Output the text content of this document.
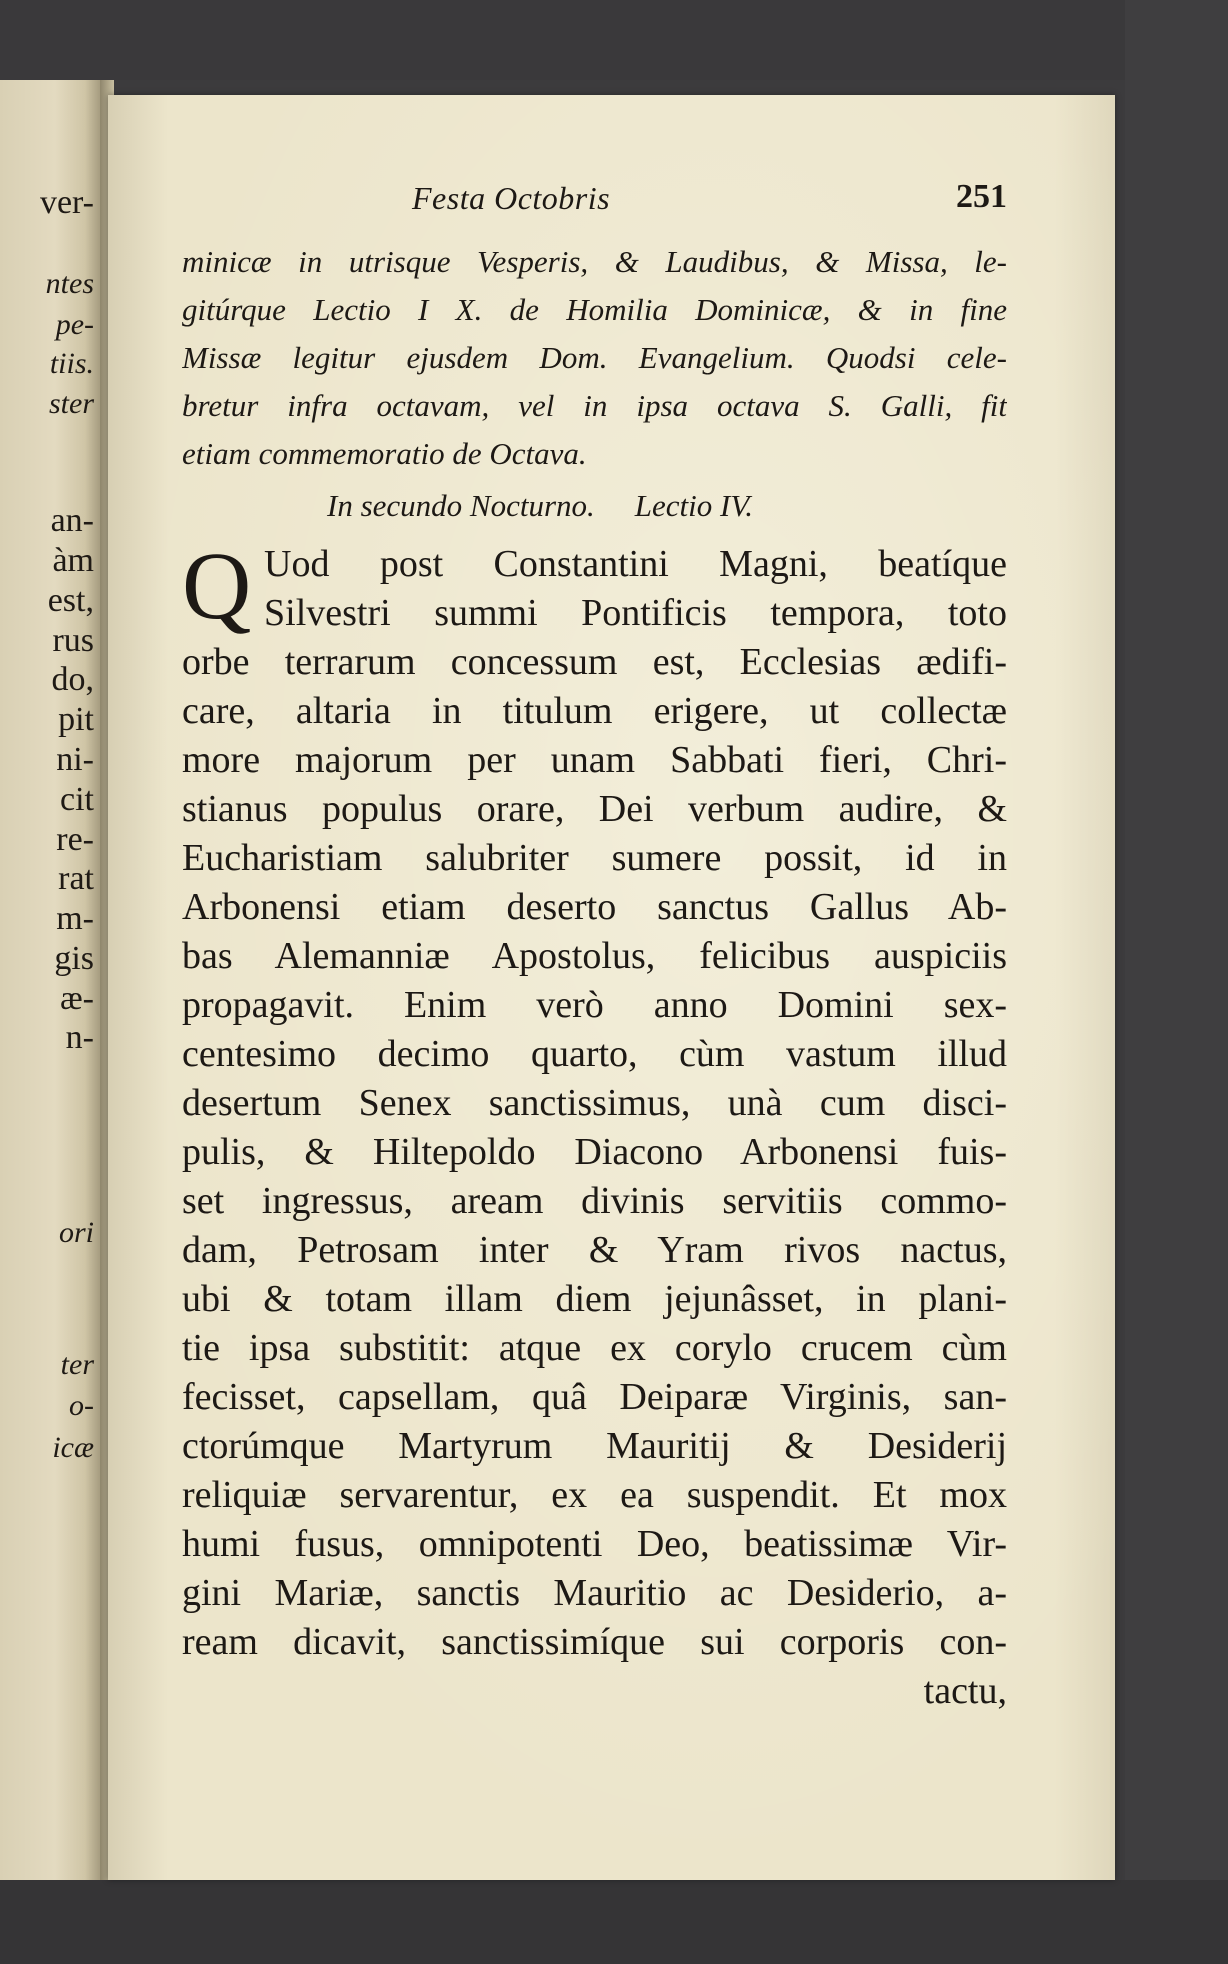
ver-
ntes
pe-
tiis.
ster
an-
àm
est,
rus
do,
pit
ni-
cit
re-
rat
m-
gis
æ-
n-
ori
ter
o-
icæ
Festa Octobris	251
minicæ in utrisque Vesperis, & Laudibus, & Missa, le-
gitúrque Lectio I X. de Homilia Dominicæ, & in fine
Missæ legitur ejusdem Dom. Evangelium. Quodsi cele-
bretur infra octavam, vel in ipsa octava S. Galli, fit
etiam commemoratio de Octava.
In secundo Nocturno. Lectio IV.
Q Uod post Constantini Magni, beatíque
Silvestri summi Pontificis tempora, toto
orbe terrarum concessum est, Ecclesias ædifi-
care, altaria in titulum erigere, ut collectæ
more majorum per unam Sabbati fieri, Chri-
stianus populus orare, Dei verbum audire, &
Eucharistiam salubriter sumere possit, id in
Arbonensi etiam deserto sanctus Gallus Ab-
bas Alemanniæ Apostolus, felicibus auspiciis
propagavit. Enim verò anno Domini sex-
centesimo decimo quarto, cùm vastum illud
desertum Senex sanctissimus, unà cum disci-
pulis, & Hiltepoldo Diacono Arbonensi fuis-
set ingressus, aream divinis servitiis commo-
dam, Petrosam inter & Yram rivos nactus,
ubi & totam illam diem jejunâsset, in plani-
tie ipsa substitit: atque ex corylo crucem cùm
fecisset, capsellam, quâ Deiparæ Virginis, san-
ctorúmque Martyrum Mauritij & Desiderij
reliquiæ servarentur, ex ea suspendit. Et mox
humi fusus, omnipotenti Deo, beatissimæ Vir-
gini Mariæ, sanctis Mauritio ac Desiderio, a-
ream dicavit, sanctissimíque sui corporis con-
tactu,
